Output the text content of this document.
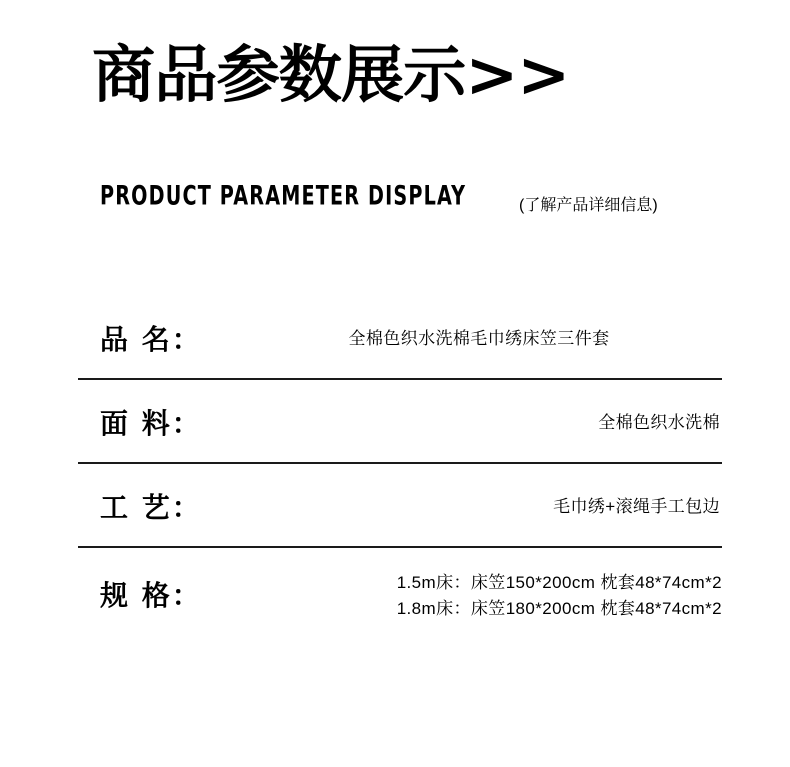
商品参数展示>>
PRODUCT PARAMETER DISPLAY	(了解产品详细信息)
品 名：	全棉色织水洗棉毛巾绣床笠三件套
面 料：	全棉色织水洗棉
工 艺：	毛巾绣+滚绳手工包边
规 格：	1.5m床：床笠150*200cm 枕套48*74cm*2
1.8m床：床笠180*200cm 枕套48*74cm*2
